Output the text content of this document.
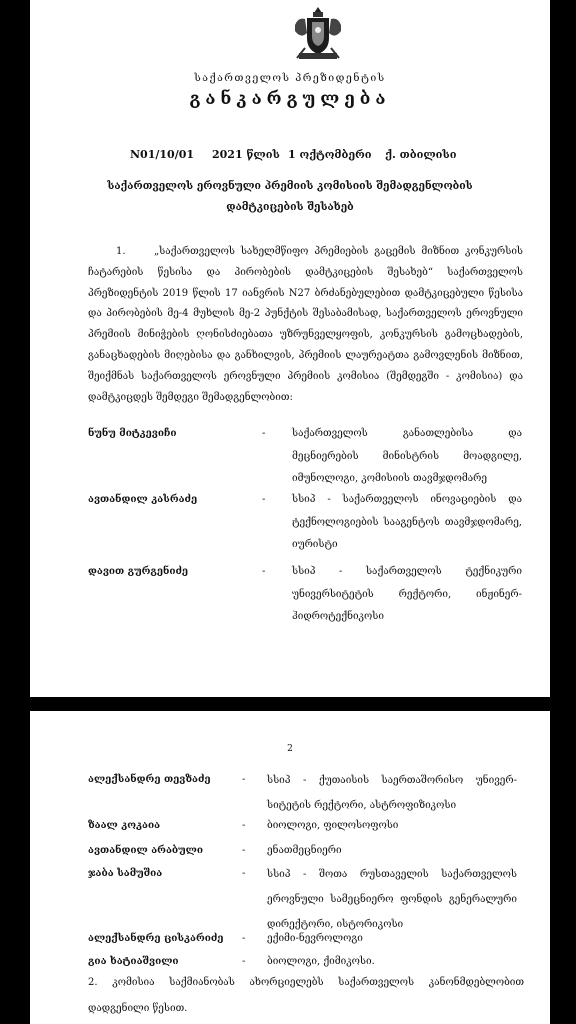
საქართველოს პრეზიდენტის
განკარგულება
N01/10/01 2021 წლის 1 ოქტომბერი ქ. თბილისი
საქართველოს ეროვნული პრემიის კომისიის შემადგენლობის
დამტკიცების შესახებ
1.	„საქართველოს სახელმწიფო პრემიების გაცემის მიზნით კონკურსის ჩატარების წესისა და პირობების დამტკიცების შესახებ“ საქართველოს პრეზიდენტის 2019 წლის 17 იანვრის N27 ბრძანებულებით დამტკიცებული წესისა და პირობების მე-4 მუხლის მე-2 პუნქტის შესაბამისად, საქართველოს ეროვნული პრემიის მინიჭების ღონისძიებათა უზრუნველყოფის, კონკურსის გამოცხადების, განაცხადების მიღებისა და განხილვის, პრემიის ლაურეატთა გამოვლენის მიზნით, შეიქმნას საქართველოს ეროვნული პრემიის კომისია (შემდეგში - კომისია) და დამტკიცდეს შემდეგი შემადგენლობით:
ნუნუ მიტკევიჩი	-	საქართველოს განათლებისა და მეცნიერების მინისტრის მოადგილე, იმუნოლოგი, კომისიის თავმჯდომარე
ავთანდილ კასრაძე	-	სსიპ - საქართველოს ინოვაციების და ტექნოლოგიების სააგენტოს თავმჯდომარე, იურისტი
დავით გურგენიძე	-	სსიპ - საქართველოს ტექნიკური უნივერსიტეტის რექტორი, ინჟინერ-ჰიდროტექნიკოსი
2
ალექსანდრე თევზაძე	- სსიპ - ქუთაისის საერთაშორისო უნივერ-სიტეტის რექტორი, ასტროფიზიკოსი
ზაალ კოკაია	- ბიოლოგი, ფილოსოფოსი
ავთანდილ არაბული	- ენათმეცნიერი
ჯაბა სამუშია	- სსიპ - შოთა რუსთაველის საქართველოს ეროვნული სამეცნიერო ფონდის გენერალური დირექტორი, ისტორიკოსი
ალექსანდრე ცისკარიძე - ექიმი-ნევროლოგი
გია ხატიაშვილი	- ბიოლოგი, ქიმიკოსი.
2. კომისია საქმიანობას ახორციელებს საქართველოს კანონმდებლობით დადგენილი წესით.
